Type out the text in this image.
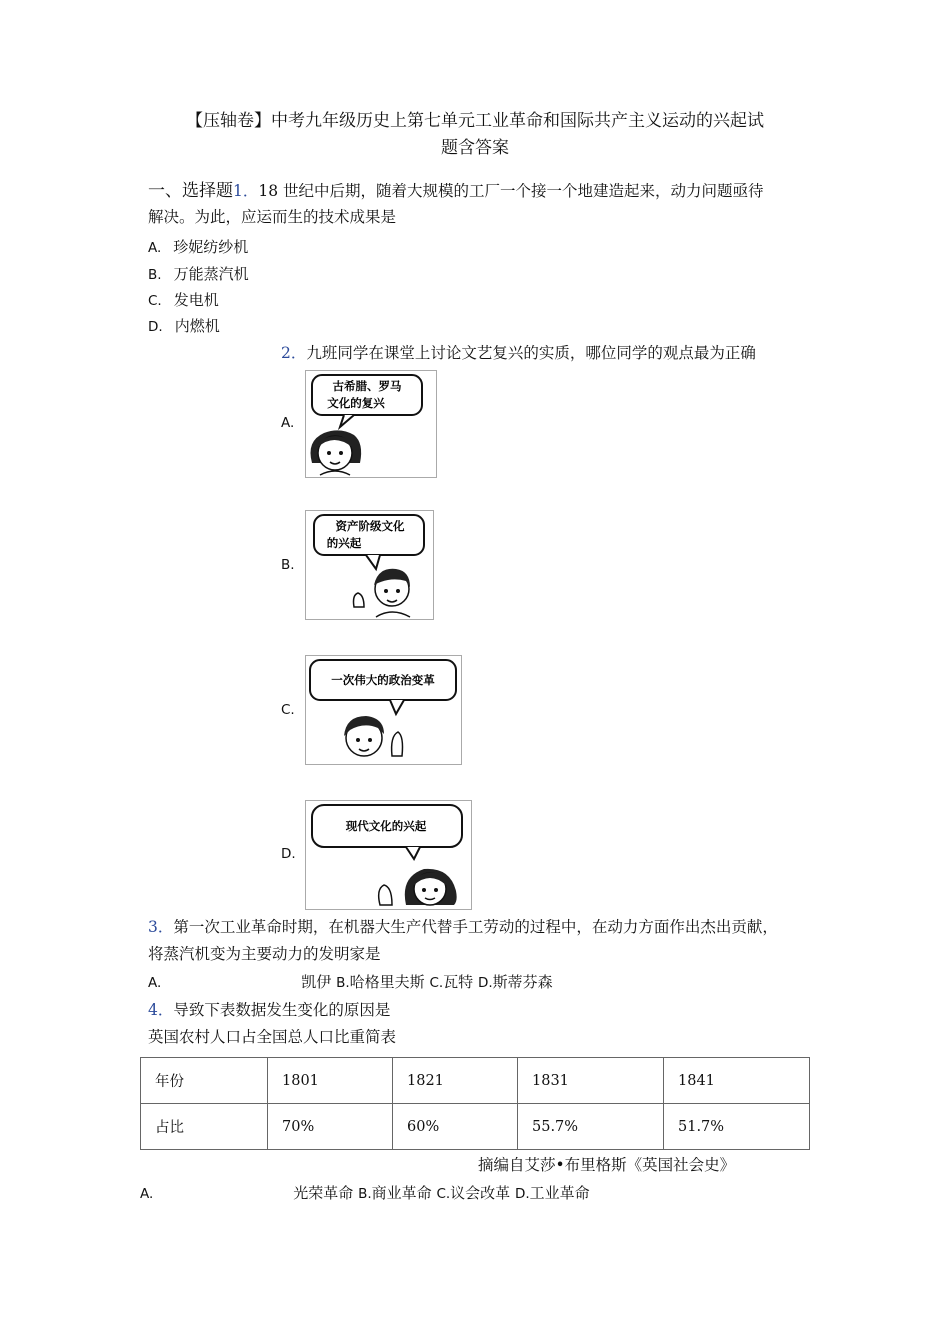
【压轴卷】中考九年级历史上第七单元工业革命和国际共产主义运动的兴起试
题含答案
一、选择题1．18 世纪中后期，随着大规模的工厂一个接一个地建造起来，动力问题亟待
解决。为此，应运而生的技术成果是
A. 珍妮纺纱机
B. 万能蒸汽机
C. 发电机
D. 内燃机
2．九班同学在课堂上讨论文艺复兴的实质，哪位同学的观点最为正确
A.
古希腊、罗马
文化的复兴
B.
资产阶级文化
的兴起
C.
一次伟大的政治变革
D.
现代文化的兴起
3．第一次工业革命时期，在机器大生产代替手工劳动的过程中，在动力方面作出杰出贡献，
将蒸汽机变为主要动力的发明家是
A.	凯伊 B.哈格里夫斯 C.瓦特 D.斯蒂芬森
4．导致下表数据发生变化的原因是
英国农村人口占全国总人口比重简表
年份	1801	1821	1831	1841
占比	70%	60%	55.7%	51.7%
摘编自艾莎•布里格斯《英国社会史》
A.	光荣革命 B.商业革命 C.议会改革 D.工业革命
